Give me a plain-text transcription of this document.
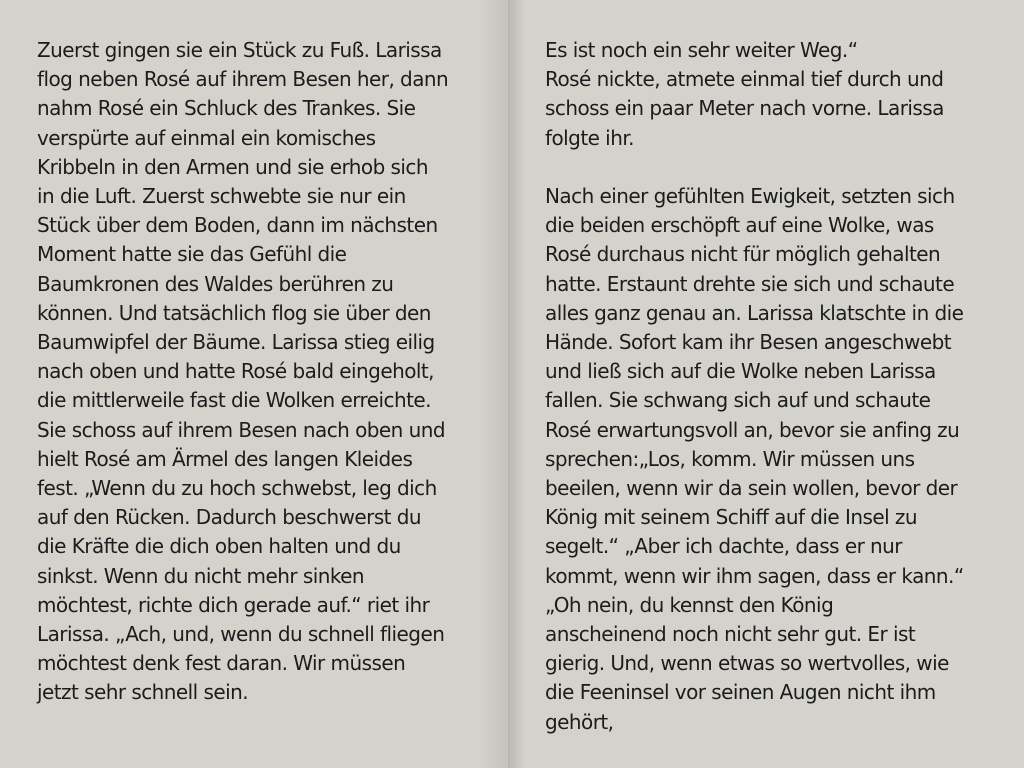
Zuerst gingen sie ein Stück zu Fuß. Larissa
flog neben Rosé auf ihrem Besen her, dann
nahm Rosé ein Schluck des Trankes. Sie
verspürte auf einmal ein komisches
Kribbeln in den Armen und sie erhob sich
in die Luft. Zuerst schwebte sie nur ein
Stück über dem Boden, dann im nächsten
Moment hatte sie das Gefühl die
Baumkronen des Waldes berühren zu
können. Und tatsächlich flog sie über den
Baumwipfel der Bäume. Larissa stieg eilig
nach oben und hatte Rosé bald eingeholt,
die mittlerweile fast die Wolken erreichte.
Sie schoss auf ihrem Besen nach oben und
hielt Rosé am Ärmel des langen Kleides
fest. „Wenn du zu hoch schwebst, leg dich
auf den Rücken. Dadurch beschwerst du
die Kräfte die dich oben halten und du
sinkst. Wenn du nicht mehr sinken
möchtest, richte dich gerade auf.“ riet ihr
Larissa. „Ach, und, wenn du schnell fliegen
möchtest denk fest daran. Wir müssen
jetzt sehr schnell sein.
Es ist noch ein sehr weiter Weg.“
Rosé nickte, atmete einmal tief durch und
schoss ein paar Meter nach vorne. Larissa
folgte ihr.
Nach einer gefühlten Ewigkeit, setzten sich
die beiden erschöpft auf eine Wolke, was
Rosé durchaus nicht für möglich gehalten
hatte. Erstaunt drehte sie sich und schaute
alles ganz genau an. Larissa klatschte in die
Hände. Sofort kam ihr Besen angeschwebt
und ließ sich auf die Wolke neben Larissa
fallen. Sie schwang sich auf und schaute
Rosé erwartungsvoll an, bevor sie anfing zu
sprechen:„Los, komm. Wir müssen uns
beeilen, wenn wir da sein wollen, bevor der
König mit seinem Schiff auf die Insel zu
segelt.“ „Aber ich dachte, dass er nur
kommt, wenn wir ihm sagen, dass er kann.“
„Oh nein, du kennst den König
anscheinend noch nicht sehr gut. Er ist
gierig. Und, wenn etwas so wertvolles, wie
die Feeninsel vor seinen Augen nicht ihm
gehört,
